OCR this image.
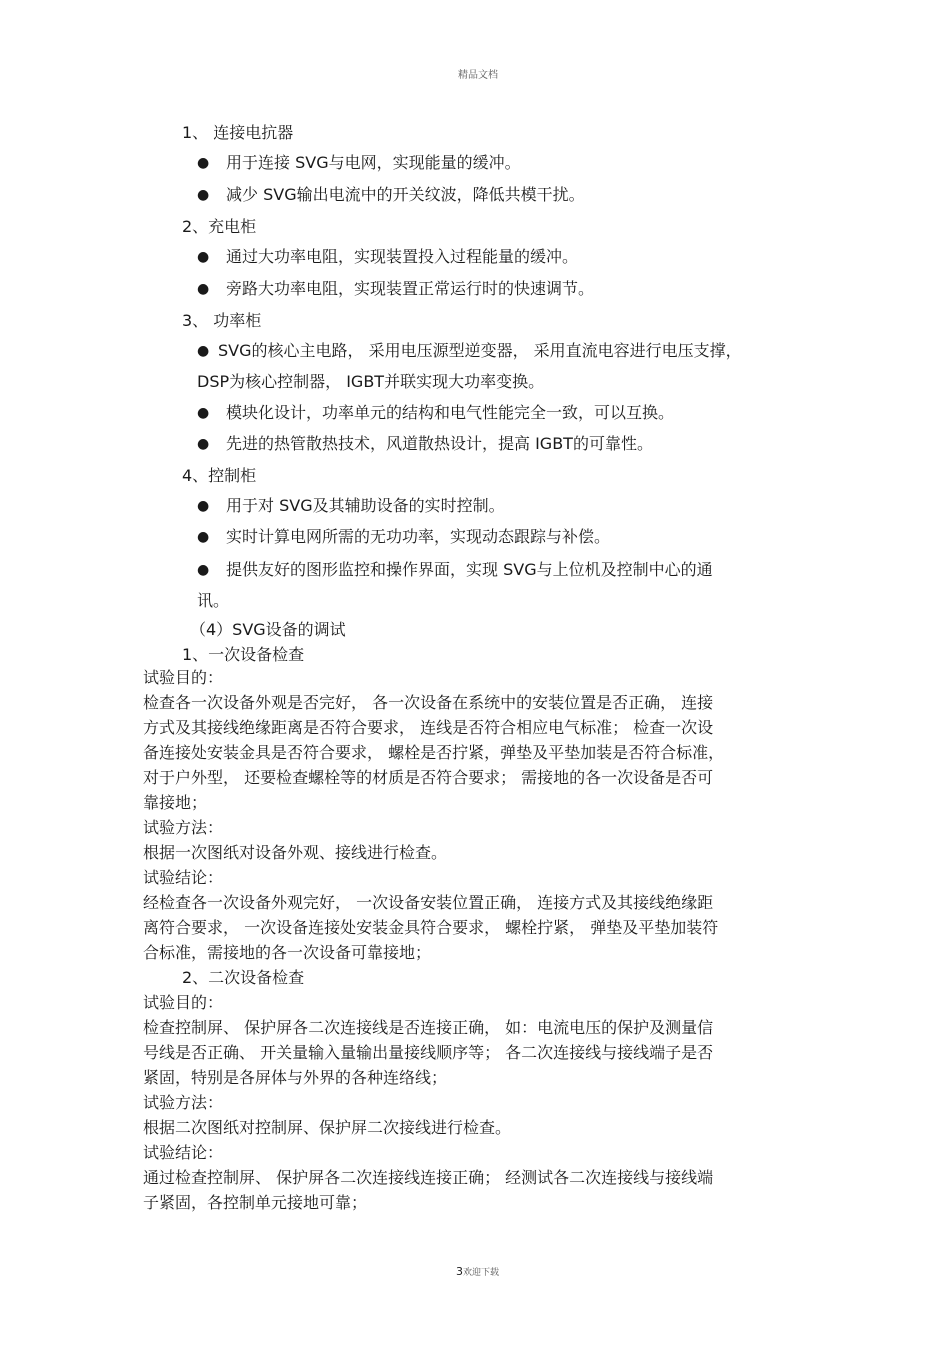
精品文档
1、 连接电抗器
● 用于连接 SVG与电网，实现能量的缓冲。
● 减少 SVG输出电流中的开关纹波，降低共模干扰。
2、充电柜
● 通过大功率电阻，实现装置投入过程能量的缓冲。
● 旁路大功率电阻，实现装置正常运行时的快速调节。
3、 功率柜
● SVG的核心主电路， 采用电压源型逆变器， 采用直流电容进行电压支撑，
DSP为核心控制器， IGBT并联实现大功率变换。
● 模块化设计，功率单元的结构和电气性能完全一致，可以互换。
● 先进的热管散热技术，风道散热设计，提高 IGBT的可靠性。
4、控制柜
● 用于对 SVG及其辅助设备的实时控制。
● 实时计算电网所需的无功功率，实现动态跟踪与补偿。
● 提供友好的图形监控和操作界面，实现 SVG与上位机及控制中心的通
讯。
（4）SVG设备的调试
1、一次设备检查
试验目的：
检查各一次设备外观是否完好， 各一次设备在系统中的安装位置是否正确， 连接
方式及其接线绝缘距离是否符合要求， 连线是否符合相应电气标准； 检查一次设
备连接处安装金具是否符合要求， 螺栓是否拧紧，弹垫及平垫加装是否符合标准，
对于户外型， 还要检查螺栓等的材质是否符合要求； 需接地的各一次设备是否可
靠接地；
试验方法：
根据一次图纸对设备外观、接线进行检查。
试验结论：
经检查各一次设备外观完好， 一次设备安装位置正确， 连接方式及其接线绝缘距
离符合要求， 一次设备连接处安装金具符合要求， 螺栓拧紧， 弹垫及平垫加装符
合标准，需接地的各一次设备可靠接地；
2、二次设备检查
试验目的：
检查控制屏、 保护屏各二次连接线是否连接正确， 如：电流电压的保护及测量信
号线是否正确、 开关量输入量输出量接线顺序等； 各二次连接线与接线端子是否
紧固，特别是各屏体与外界的各种连络线；
试验方法：
根据二次图纸对控制屏、保护屏二次接线进行检查。
试验结论：
通过检查控制屏、 保护屏各二次连接线连接正确； 经测试各二次连接线与接线端
子紧固，各控制单元接地可靠；
3欢迎下载
